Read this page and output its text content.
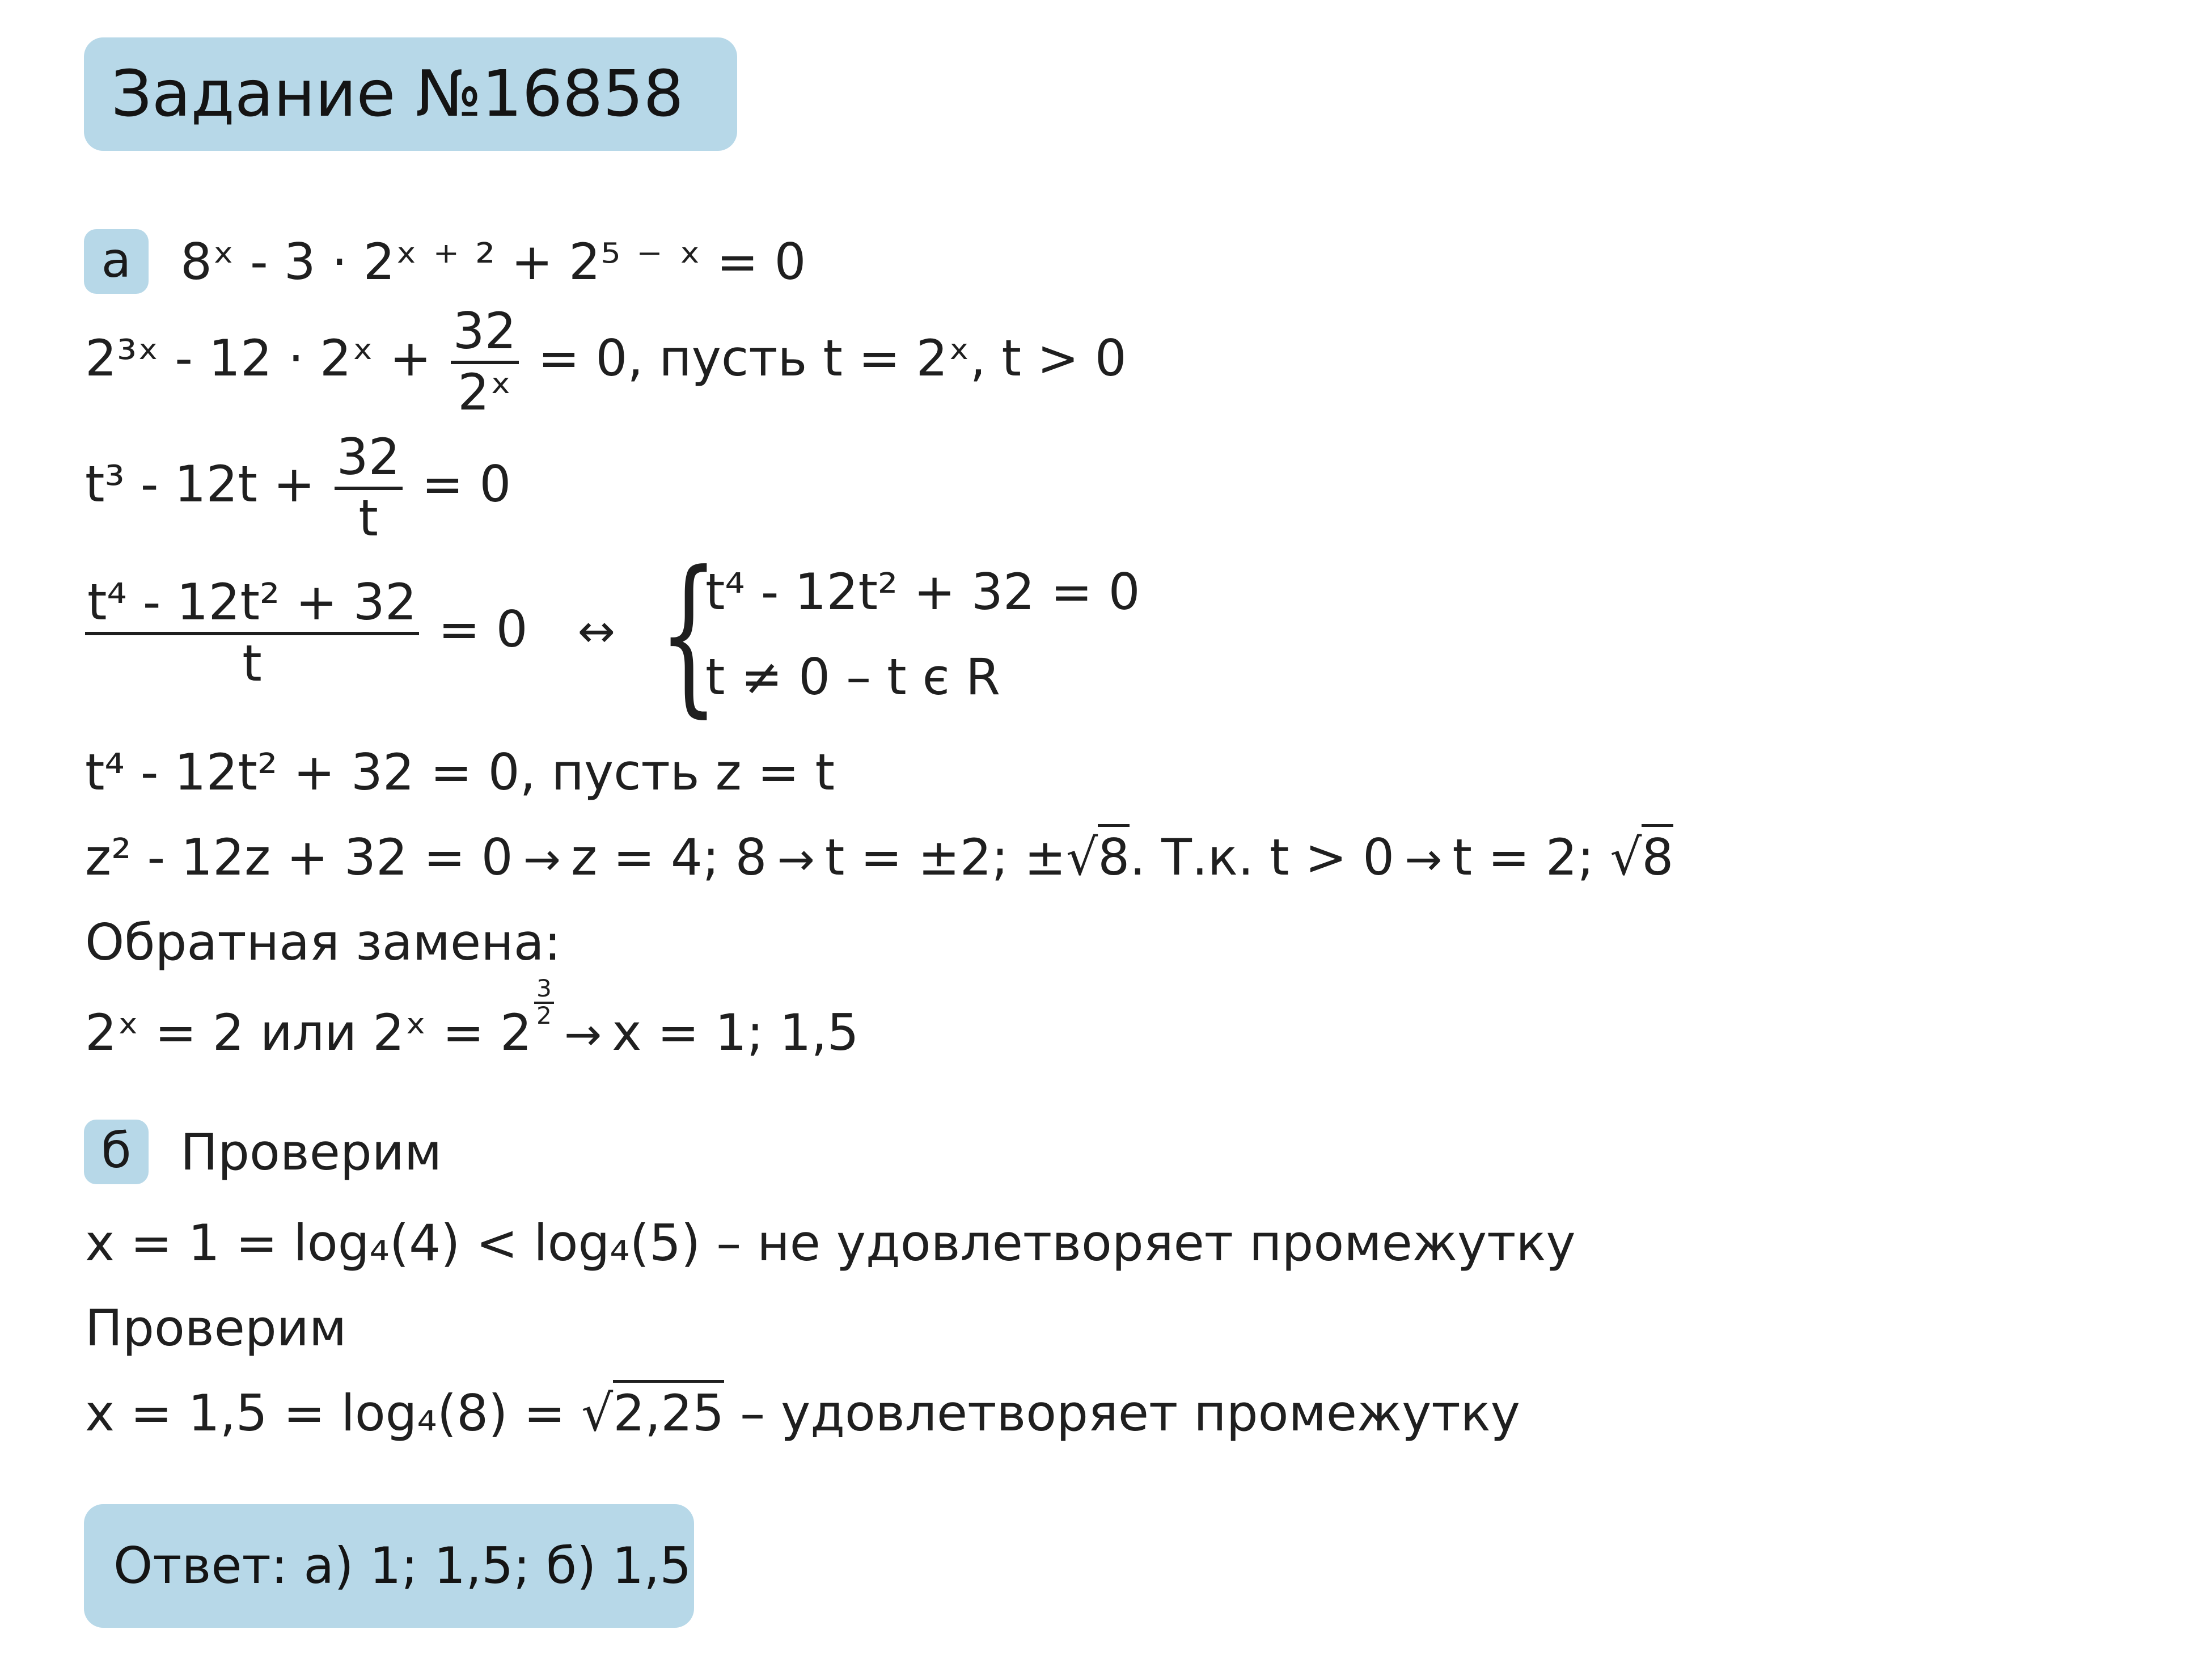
Задание №16858
а 8ˣ - 3 · 2ˣ ⁺ ² + 2⁵ ⁻ ˣ = 0
2³ˣ - 12 · 2ˣ + $\frac{32}{\text{2ˣ}} = 0$, пусть t = 2ˣ, t > 0
$t^3 - 12t + \frac{32}{t} = 0$
$\frac{\text{t⁴ - 12t² + 32}}{t} = 0$ ↔ {
t⁴ - 12t² + 32 = 0
t ≠ 0 – t є R
t⁴ - 12t² + 32 = 0, пусть z = t
z² - 12z + 32 = 0 → z = 4; 8 → t = ±2; ±√8. Т.к. t > 0 → t = 2; √8
Обратная замена:
2ˣ = 2 или 2ˣ = 2
$\frac{3}{2}$
→ x = 1; 1,5
б Проверим
x = 1 = log₄(4) < log₄(5) – не удовлетворяет промежутку
Проверим
x = 1,5 = log₄(8) = √2,25 – удовлетворяет промежутку
Ответ: а) 1; 1,5; б) 1,5
